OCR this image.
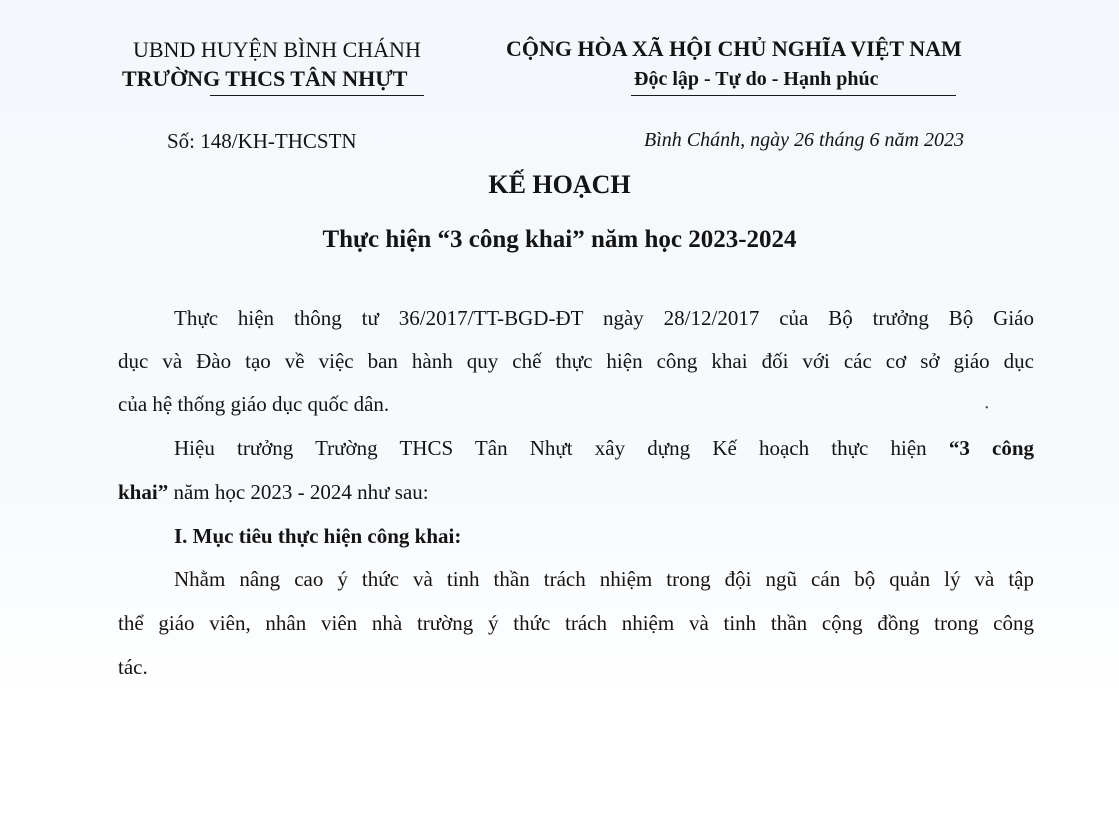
UBND HUYỆN BÌNH CHÁNH
TRƯỜNG THCS TÂN NHỰT
CỘNG HÒA XÃ HỘI CHỦ NGHĨA VIỆT NAM
Độc lập - Tự do - Hạnh phúc
Số: 148/KH-THCSTN	Bình Chánh, ngày 26 tháng 6 năm 2023
KẾ HOẠCH
Thực hiện “3 công khai” năm học 2023-2024
Thực hiện thông tư 36/2017/TT-BGD-ĐT ngày 28/12/2017 của Bộ trưởng Bộ Giáo
dục và Đào tạo về việc ban hành quy chế thực hiện công khai đối với các cơ sở giáo dục
của hệ thống giáo dục quốc dân.
Hiệu trưởng Trường THCS Tân Nhựt xây dựng Kế hoạch thực hiện “3 công
khai” năm học 2023 - 2024 như sau:
I. Mục tiêu thực hiện công khai:
Nhằm nâng cao ý thức và tinh thần trách nhiệm trong đội ngũ cán bộ quản lý và tập
thể giáo viên, nhân viên nhà trường ý thức trách nhiệm và tinh thần cộng đồng trong công
tác.
•
